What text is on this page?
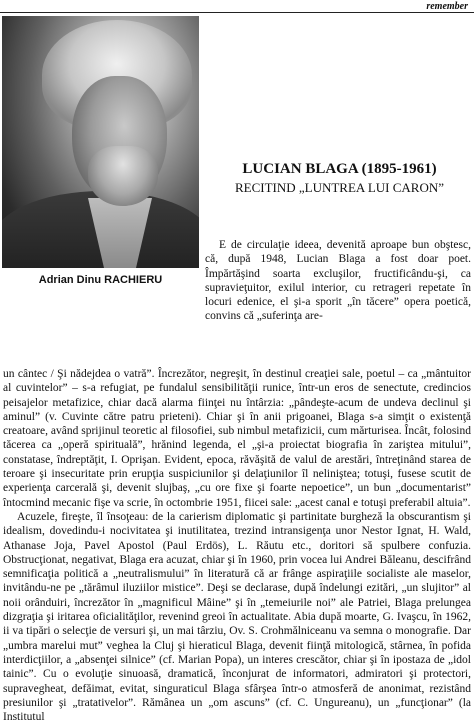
remember
Adrian Dinu RACHIERU
LUCIAN BLAGA (1895-1961)
RECITIND „LUNTREA LUI CARON”
E de circulaţie ideea, devenită aproape bun obştesc, că, după 1948, Lucian Blaga a fost doar poet. Împărtăşind soarta excluşilor, fructificându-şi, ca supravieţuitor, exilul interior, cu retrageri repetate în locuri edenice, el şi-a sporit „în tăcere” opera poetică, convins că „suferinţa are-

un cântec / Şi nădejdea o vatră”. Încrezător, negreşit, în destinul creaţiei sale, poetul – ca „mântuitor al cuvintelor” – s-a refugiat, pe fundalul sensibilităţii runice, într-un eros de senectute, credincios peisajelor metafizice, chiar dacă alarma fiinţei nu întârzia: „pândeşte-acum de undeva declinul şi aminul” (v. Cuvinte către patru prieteni). Chiar şi în anii prigoanei, Blaga s-a simţit o existenţă creatoare, având sprijinul teoretic al filosofiei, sub nimbul metafizicii, cum mărturisea. Încât, folosind tăcerea ca „operă spirituală”, hrănind legenda, el „şi-a proiectat biografia în zariştea mitului”, constatase, îndreptăţit, I. Oprişan. Evident, epoca, răvăşită de valul de arestări, întreţinând starea de teroare şi insecuritate prin erupţia suspiciunilor şi delaţiunilor îl nelinişteа; totuşi, fusese scutit de experienţa carcerală şi, devenit slujbaş, „cu ore fixe şi foarte nepoetice”, un bun „documentarist” întocmind mecanic fişe va scrie, în octombrie 1951, fiicei sale: „acest canal e totuşi preferabil altuia”.

Acuzele, fireşte, îl însoţeau: de la carierism diplomatic şi partinitate burgheză la obscurantism şi idealism, dovedindu-i nocivitatea şi inutilitatea, trezind intransigenţa unor Nestor Ignat, H. Wald, Athanase Joja, Pavel Apostol (Paul Erdös), L. Răutu etc., doritori să spulbere confuzia. Obstrucţionat, negativat, Blaga era acuzat, chiar şi în 1960, prin vocea lui Andrei Băleanu, descifrând semnificaţia politică a „neutralismului” în literatură că ar frânge aspiraţiile socialiste ale maselor, invitându-ne pe „tărâmul iluziilor mistice”. Deşi se declarase, după îndelungi ezitări, „un slujitor” al noii orânduiri, încrezător în „magnificul Mâine” şi în „temeiurile noi” ale Patriei, Blaga prelungea dizgraţia şi iritarea oficialităţilor, revenind greoi în actualitate. Abia după moarte, G. Ivaşcu, în 1962, ii va tipări o selecţie de versuri şi, un mai târziu, Ov. S. Crohmălniceanu va semna o monografie. Dar „umbra marelui mut” veghea la Cluj şi hieraticul Blaga, devenit fiinţă mitologică, stârnea, în pofida interdicţiilor, a „absenţei silnice” (cf. Marian Popa), un interes crescător, chiar şi în ipostaza de „idol tainic”. Cu o evoluţie sinuoasă, dramatică, înconjurat de informatori, admiratori şi protectori, supravegheat, defăimat, evitat, singuraticul Blaga sfârşea într-o atmosferă de anonimat, rezistând presiunilor şi „tratativelor”. Rămânea un „om ascuns” (cf. C. Ungureanu), un „funcţionar” (la Institutul
